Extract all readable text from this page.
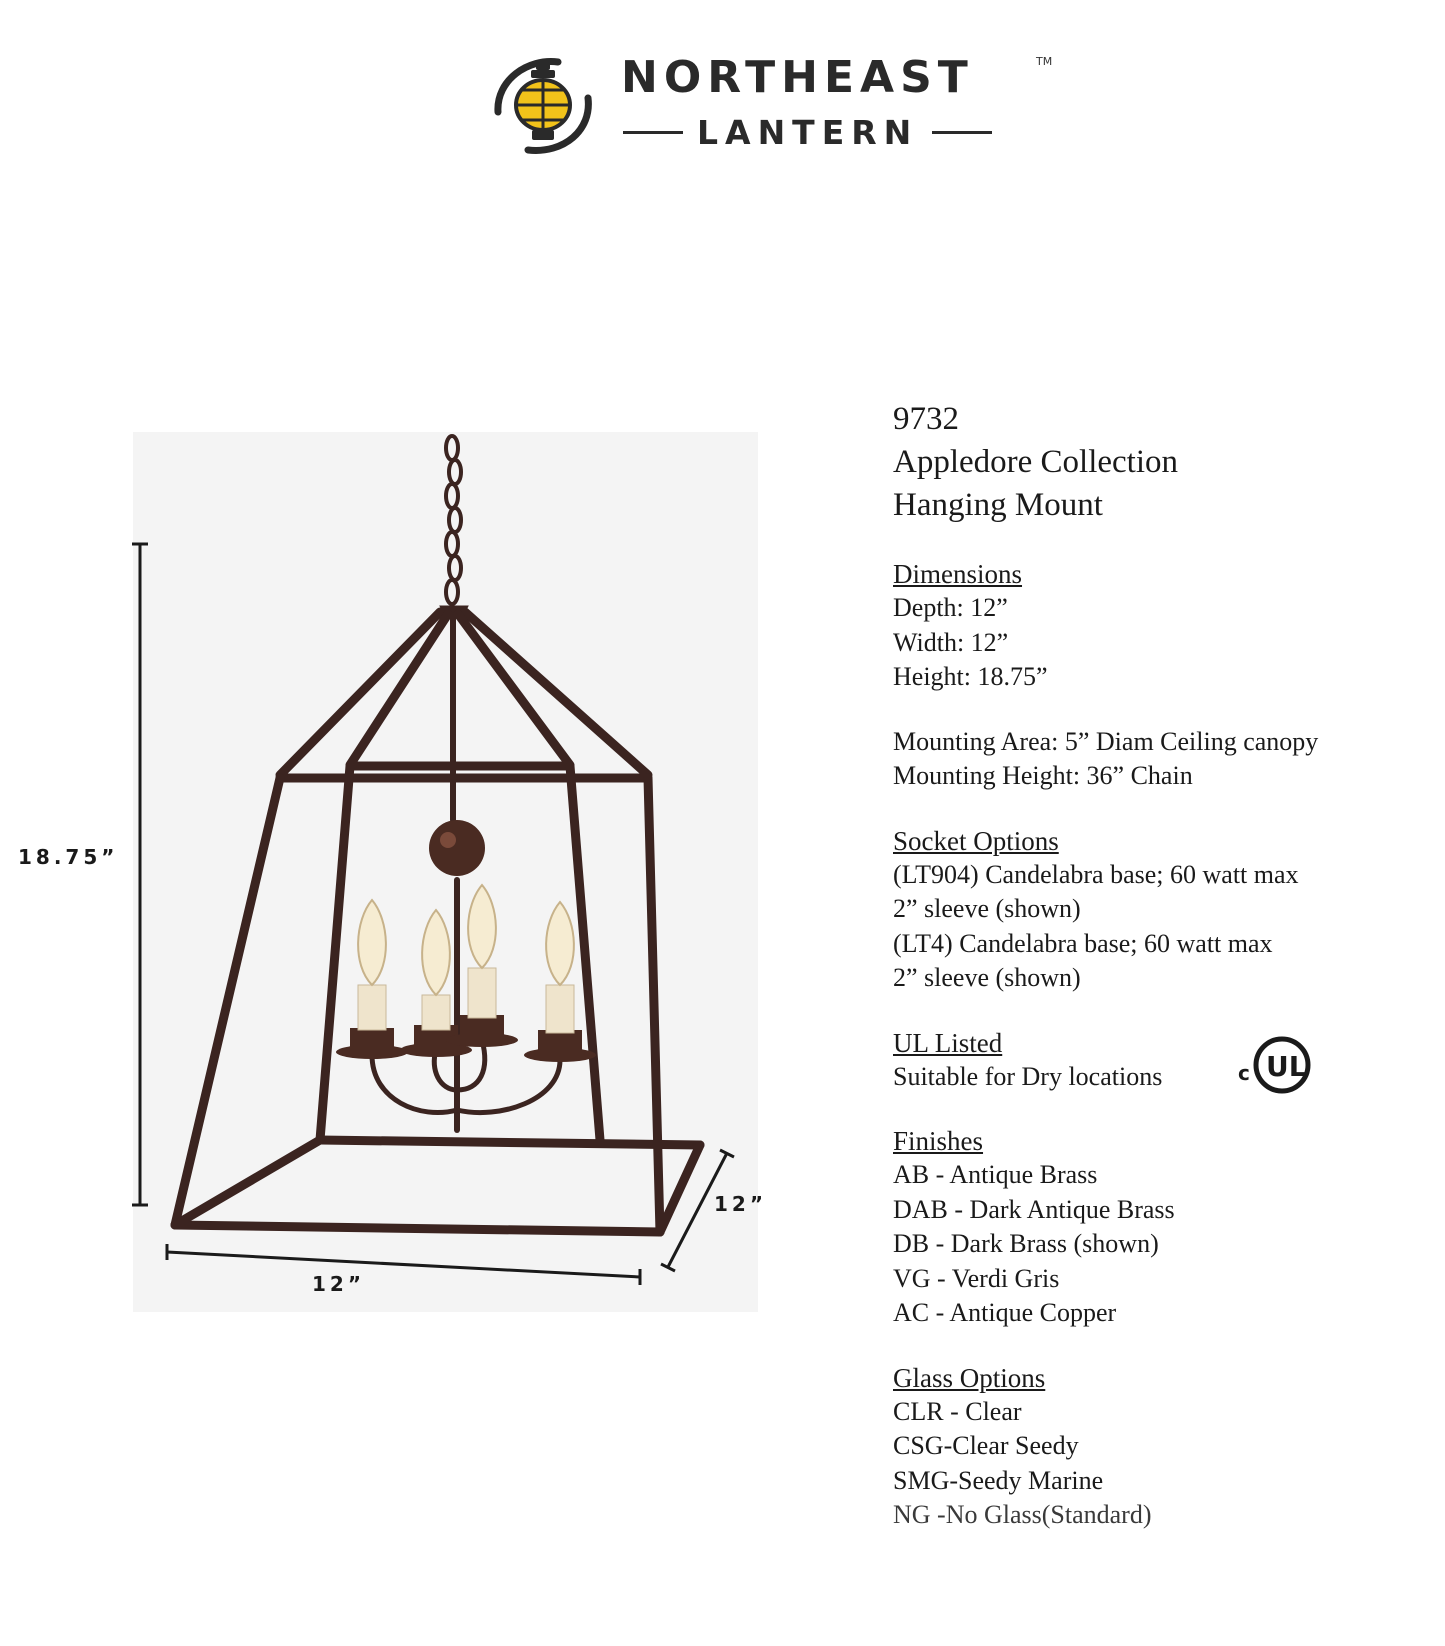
NORTHEAST	TM
LANTERN
18.75”
12”
12”
9732
Appledore Collection
Hanging Mount
Dimensions
Depth: 12”
Width: 12”
Height: 18.75”
Mounting Area: 5” Diam Ceiling canopy
Mounting Height: 36” Chain
Socket Options
(LT904) Candelabra base; 60 watt max
2” sleeve (shown)
(LT4) Candelabra base; 60 watt max
2” sleeve (shown)
UL Listed
Suitable for Dry locations
Finishes
AB - Antique Brass
DAB - Dark Antique Brass
DB - Dark Brass (shown)
VG - Verdi Gris
AC - Antique Copper
Glass Options
CLR - Clear
CSG-Clear Seedy
SMG-Seedy Marine
NG -No Glass(Standard)
c UL
